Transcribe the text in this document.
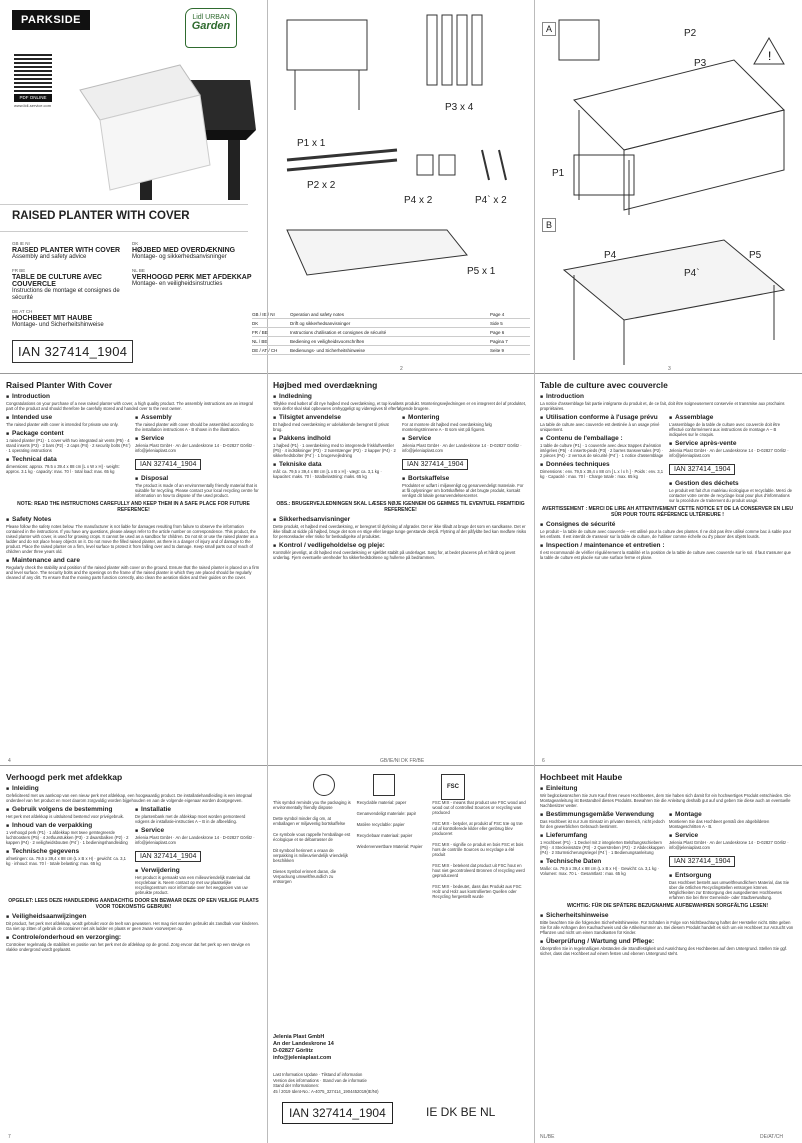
PARKSIDE	Lidl URBAN
Garden
PDF ONLINE
www.lidl-service.com
RAISED PLANTER WITH COVER
GB IE NI
RAISED PLANTER WITH COVER
Assembly and safety advice
FR BE
TABLE DE CULTURE AVEC COUVERCLE
Instructions de montage et consignes de sécurité
DE AT CH
HOCHBEET MIT HAUBE
Montage- und Sicherheitshinweise
DK
HØJBED MED OVERDÆKNING
Montage- og sikkerhedsanvisninger
NL BE
VERHOOGD PERK MET AFDEKKAP
Montage- en veiligheidsinstructies
IAN 327414_1904
P1 x 1
P3 x 4
P2 x 2
P4 x 2	P4` x 2
P5 x 1
GB / IE / NI	Operation and safety notes	Page 4
DK	Drift og sikkerhedsanvisninger	Side 5
FR / BE	Instructions d'utilisation et consignes de sécurité	Page 6
NL / BE	Bediening en veiligheidsvoorschriften	Pagina 7
DE / AT / CH	Bedienungs- und Sicherheitshinweise	Seite 9
2
A
B
!
P2
P3
P1
P4
P4`
P5
3
Raised Planter With Cover
■ Introduction
Congratulations on your purchase of a new raised planter with cover, a high quality product. The assembly instructions are an integral part of the product and should therefore be carefully stored and handed over to the next owner.
■ Intended use
The raised planter with cover is intended for private use only.
■ Package content
1 raised planter (P1) · 1 cover with two integrated air vents (P5) · 4 stand inserts (P3) · 2 bars (P2) · 2 caps (P4) · 2 security bolts (P4`) · 1 operating instructions
■ Technical data
dimensions: approx. 79.5 x 39.4 x 88 cm [L x W x H] · weight: approx. 3.1 kg · capacity: max. 70 l · total load: max. 65 kg
■ Assembly
The raised planter with cover should be assembled according to the installation instructions A - B shown in the illustration.
■ Service
Jelenia Plast GmbH · An der Landeskrone 14 · D-02827 Görlitz · info@jeleniaplast.com
IAN 327414_1904
■ Disposal
The product is made of an environmentally friendly material that is suitable for recycling. Please contact your local recycling centre for information on how to dispose of the used product.
NOTE: READ THE INSTRUCTIONS CAREFULLY AND KEEP THEM IN A SAFE PLACE FOR FUTURE REFERENCE!
■ Safety Notes
Please follow the safety notes below. The manufacturer is not liable for damages resulting from failure to observe the information contained in the instructions. If you have any questions, please always refer to the article number on correspondence. This product, the raised planter with cover, is used for growing crops. It cannot be used as a sandbox for children. Do not sit or use the raised planter as a ladder and do not place heavy objects on it. Do not move the filled raised planter, as there is a danger of injury and of damage to the product. Place the raised planter on a firm, level surface to protect it from falling over and to damage. Keep small parts out of reach of children under three years old.
■ Maintenance and care
Regularly check the stability and position of the raised planter with cover on the ground. Ensure that the raised planter is placed on a firm and level surface. The security bolts and the openings on the frame of the raised planter in which they are placed should be regularly cleaned of any dirt. To ensure that the moving parts function correctly, also clean the aeration slides and their guides on the cover.
4
Højbed med overdækning
■ Indledning
Tillykke med købet af dit nye højbed med overdækning, et top kvalitets produkt. Monteringsvejledningen er en integreret del af produktet, som derfor skal skal opbevares omhyggeligt og videregives til efterfølgende brugere.
■ Tilsigtet anvendelse
Et højbed med overdækning er udelukkende beregnet til privat brug.
■ Pakkens indhold
1 højbed (P1) · 1 overdækning med to integrerede friskluftventiler (P5) · 4 indstikninger (P3) · 2 tværstænger (P2) · 2 kapper (P4) · 2 sikkerhedsbolter (P4`) · 1 brugervejledning
■ Tekniske data
mål: ca. 79,5 x 39,4 x 88 cm [L x B x H] · vægt: ca. 3,1 kg · kapacitet: maks. 70 l · totalbelastning: maks. 65 kg
■ Montering
For at montere dit højbed med overdækning følg monteringstrinnene A - B som vist på figuren.
■ Service
Jelenia Plast GmbH · An der Landeskrone 14 · D-02827 Görlitz · info@jeleniaplast.com
IAN 327414_1904
■ Bortskaffelse
Produktet er udført i miljøvenligt og genanvendeligt materiale. For at få oplysninger om bortskaffelse af det brugte produkt, kontakt venligst dit lokale genanvendelsescenter.
OBS.: BRUGERVEJLEDNINGEN SKAL LÆSES NØJE IGENNEM OG GEMMES TIL EVENTUEL FREMTIDIG REFERENCE!
■ Sikkerhedsanvisninger
Dette produkt, et højbed med overdækning, er beregnet til dyrkning af afgrøder. Det er ikke tilladt at bruge det som en sandkasse. Det er ikke tilladt at sidde på højbed, bruge det som en stige eller lægge tunge genstande derpå. Flytning af det påfyldte bed kan medføre risiko for personskader eller risiko for beskadigelse af produktet.
■ Kontrol / vedligeholdelse og pleje:
Kontrollér jævnligt, at dit højbed med overdækning er sjæfdet stabilt på underlaget. Sørg for, at bedet placeres på et hårdt og jævnt underlag. Fjern eventuelle urenheder fra sikkerhedsboltene og hullerne på bedrammen.
GB/IE/NI DK FR/BE
Table de culture avec couvercle
■ Introduction
La notice d'assemblage fait partie intégrante du produit et, de ce fait, doit être soigneusement conservée et transmise aux prochains propriétaires.
■ Utilisation conforme à l'usage prévu
La table de culture avec couvercle est destinée à un usage privé uniquement.
■ Contenu de l'emballage :
1 table de culture (P1) · 1 couvercle avec deux trappes d'aération intégrées (P5) · 4 inserts-pieds (P3) · 2 barres transversales (P2) · 2 pièces (P4) · 2 verrous de sécurité (P4`) · 1 notice d'assemblage
■ Données techniques
Dimensions : env. 79,5 x 39,4 x 88 cm [ L x l x h ] · Poids : env. 3,1 kg · Capacité : max. 70 l · Charge totale : max. 65 kg
■ Assemblage
L'assemblage de la table de culture avec couvercle doit être effectué conformément aux instructions de montage A – B indiquées sur le croquis.
■ Service après-vente
Jelenia Plast GmbH · An der Landeskrone 14 · D-02827 Görlitz · info@jeleniaplast.com
IAN 327414_1904
■ Gestion des déchets
Le produit est fait d'un matériau écologique et recyclable. Merci de contacter votre centre de recyclage local pour plus d'informations sur la procédure de traitement du produit usagé.
AVERTISSEMENT : MERCI DE LIRE AH ATTENTIVEMENT CETTE NOTICE ET DE LA CONSERVER EN LIEU SÛR POUR TOUTE RÉFÉRENCE ULTÉRIEURE !
■ Consignes de sécurité
Le produit – la table de culture avec couvercle – est utilisé pour la culture des plantes. Il ne doit pas être utilisé comme bac à sable pour les enfants. Il est interdit de s'asseoir sur la table de culture, de l'utiliser comme échelle ou d'y placer des objets lourds.
■ Inspection / maintenance et entretien :
Il est recommandé de vérifier régulièrement la stabilité et la position de la table de culture avec couvercle sur le sol. Il faut s'assurer que la table de culture est placée sur une surface ferme et plane.
6
Verhoogd perk met afdekkap
■ Inleiding
Gefeliciteerd met uw aankoop van een nieuw perk met afdekkap, een hoogwaardig product. De installatiehandleiding is een integraal onderdeel van het product en moet daarom zorgvuldig worden bijgehouden en aan de volgende eigenaar worden doorgegeven.
■ Gebruik volgens de bestemming
Het perk met afdekkap is uitsluitend bestemd voor privégebruik.
■ Inhoud van de verpakking
1 verhoogd perk (P1) · 1 afdekkap met twee geïntegreerde luchtroosters (P5) · 4 zetfuurstukken (P3) · 2 dwarsbalken (P2) · 2 kappen (P4) · 2 veiligheidsbouten (P4`) · 1 bedieningshandleiding
■ Technische gegevens
afmetingen: ca. 79,5 x 39,4 x 88 cm (L x B x H) · gewicht: ca. 3,1 kg · inhoud: max. 70 l · totale belasting: max. 65 kg
■ Installatie
De plantenbank met de afdekkap moet worden gemonteerd volgens de installatie-instructies A – B in de afbeelding.
■ Service
Jelenia Plast GmbH · An der Landeskrone 14 · D-02827 Görlitz · info@jeleniaplast.com
IAN 327414_1904
■ Verwijdering
Het product is gemaakt van een milieuvriendelijk materiaal dat recyclebaar is. Neem contact op met uw plaatselijke recyclingcentrum voor informatie over het weggooien van uw gebruikte product.
OPGELET: LEES DEZE HANDLEIDING AANDACHTIG DOOR EN BEWAAR DEZE OP EEN VEILIGE PLAATS VOOR TOEKOMSTIG GEBRUIK!
■ Veiligheidsaanwijzingen
Dit product, het perk met afdekkap, wordt gebruikt voor de teelt van gewassen. Het mag niet worden gebruikt als zandbak voor kinderen. Ga niet op zitten of gebruik de container niet als ladder en plaats er geen zware voorwerpen op.
■ Controle/onderhoud en verzorging:
Controleer regelmatig de stabiliteit en positie van het perk met de afdekkap op de grond. Zorg ervoor dat het perk op een stevige en vlakke ondergrond wordt geplaatst.
7
This symbol reminds you the packaging is environmentally friendly dispose
Dette symbol minder dig om, at emballagen er miljøvenlig bortskaffelse
Ce symbole vous rappelle l'emballage est écologique et se débarrasser de
Dit symbool herinnert u eraan de verpakking is milieuvriendelijk vriendelijk beschikken
Dieses Symbol erinnert daran, die Verpackung umweltfreundlich zu entsorgen
Recyclable material: paper
Genanvendeligt materiale: papir
Matière recyclable: papier
Recyclebaar materiaal: papier
Wiederverwertbare Material: Papier
FSC MIX - means that product use FSC wood and wood out of controlled Sources or recycling was produced
FSC MIX - betyder, at produkt af FSC træ og træ ud af kontrollerede kilder eller genbrug blev produceret
FSC MIX - signifie ce produit en bois FSC et bois hors de contrôle Sources ou recyclage a été produit
FSC MIX - betekent dat product uit FSC hout en hout niet gecontroleerd Bronnen of recycling werd geproduceerd
FSC MIX - bedeutet, dass das Produkt aus FSC Holz und Holz aus kontrollierten Quellen oder Recycling hergestellt wurde
FSC
Jelenia Plast GmbH
An der Landeskrone 14
D-02827 Görlitz
info@jeleniaplast.com
Last Information Update · Tilstand af information
Version des informations · Stand van de informatie
Stand der Informationen:
45 / 2019 Ident-No.: A-4075_327414_1904452019(IE/NI)
IAN 327414_1904	IE DK BE NL
NL/BE
Hochbeet mit Haube
■ Einleitung
Wir beglückwünschen Sie zum Kauf Ihres neuen Hochbeetes, dem Sie haben sich damit für ein hochwertiges Produkt entschieden. Die Montageanleitung ist Bestandteil dieses Produkts. Bewahren Sie die Anleitung deshalb gut auf und geben Sie diese auch an eventuelle Nachbesitzer weiter.
■ Bestimmungsgemäße Verwendung
Das Hochbeet ist nur zum Einsatz im privaten Bereich, nicht jedoch für den gewerblichen Gebrauch bestimmt.
■ Lieferumfang
1 Hochbeet (P1) · 1 Deckel mit 2 integrierten Belüftungsschiebern (P5) · 4 Steckeinsätze (P3) · 2 Querstreben (P2) · 2 Abdeckkappen (P4) · 2 Sturmsicherungsriegel (P4`) · 1 Bedienungsanleitung
■ Technische Daten
Maße: ca. 79,5 x 39,4 x 88 cm (L x B x H) · Gewicht: ca. 3,1 kg · Volumen: max. 70 L · Gesamtlast : max. 65 kg
■ Montage
Montieren Sie das Hochbeet gemäß den abgebildeten Montageschritten A - B.
■ Service
Jelenia Plast GmbH · An der Landeskrone 14 · D-02827 Görlitz · info@jeleniaplast.com
IAN 327414_1904
■ Entsorgung
Das Hochbeet besteht aus umweltfreundlichem Material, das Sie über die örtlichen Recyclingstellen entsorgen können. Möglichkeiten zur Entsorgung des ausgedienten Hochbeetes erfahren Sie bei Ihrer Gemeinde- oder Stadtverwaltung.
WICHTIG: FÜR DIE SPÄTERE BEZUGNAHME AUFBEWAHREN SORGFÄLTIG LESEN!
■ Sicherheitshinweise
Bitte beachten Sie die folgenden Sicherheitshinweise. Für Schäden in Folge von Nichtbeachtung haftet der Hersteller nicht. Bitte geben Sie für alle Anfragen den Kaufnachweis und die Artikelnummer an. Bei diesem Produkt handelt es sich um ein Hochbeet zur Anzucht von Pflanzen und nicht um einen Sandkasten für Kinder.
■ Überprüfung / Wartung und Pflege:
Überprüfen Sie in regelmäßigen Abständen die Standfestigkeit und Ausrichtung des Hochbeetes auf dem Untergrund. Stellen Sie ggf. sicher, dass das Hochbeet auf einem festen und ebenen Untergrund steht.
DE/AT/CH
